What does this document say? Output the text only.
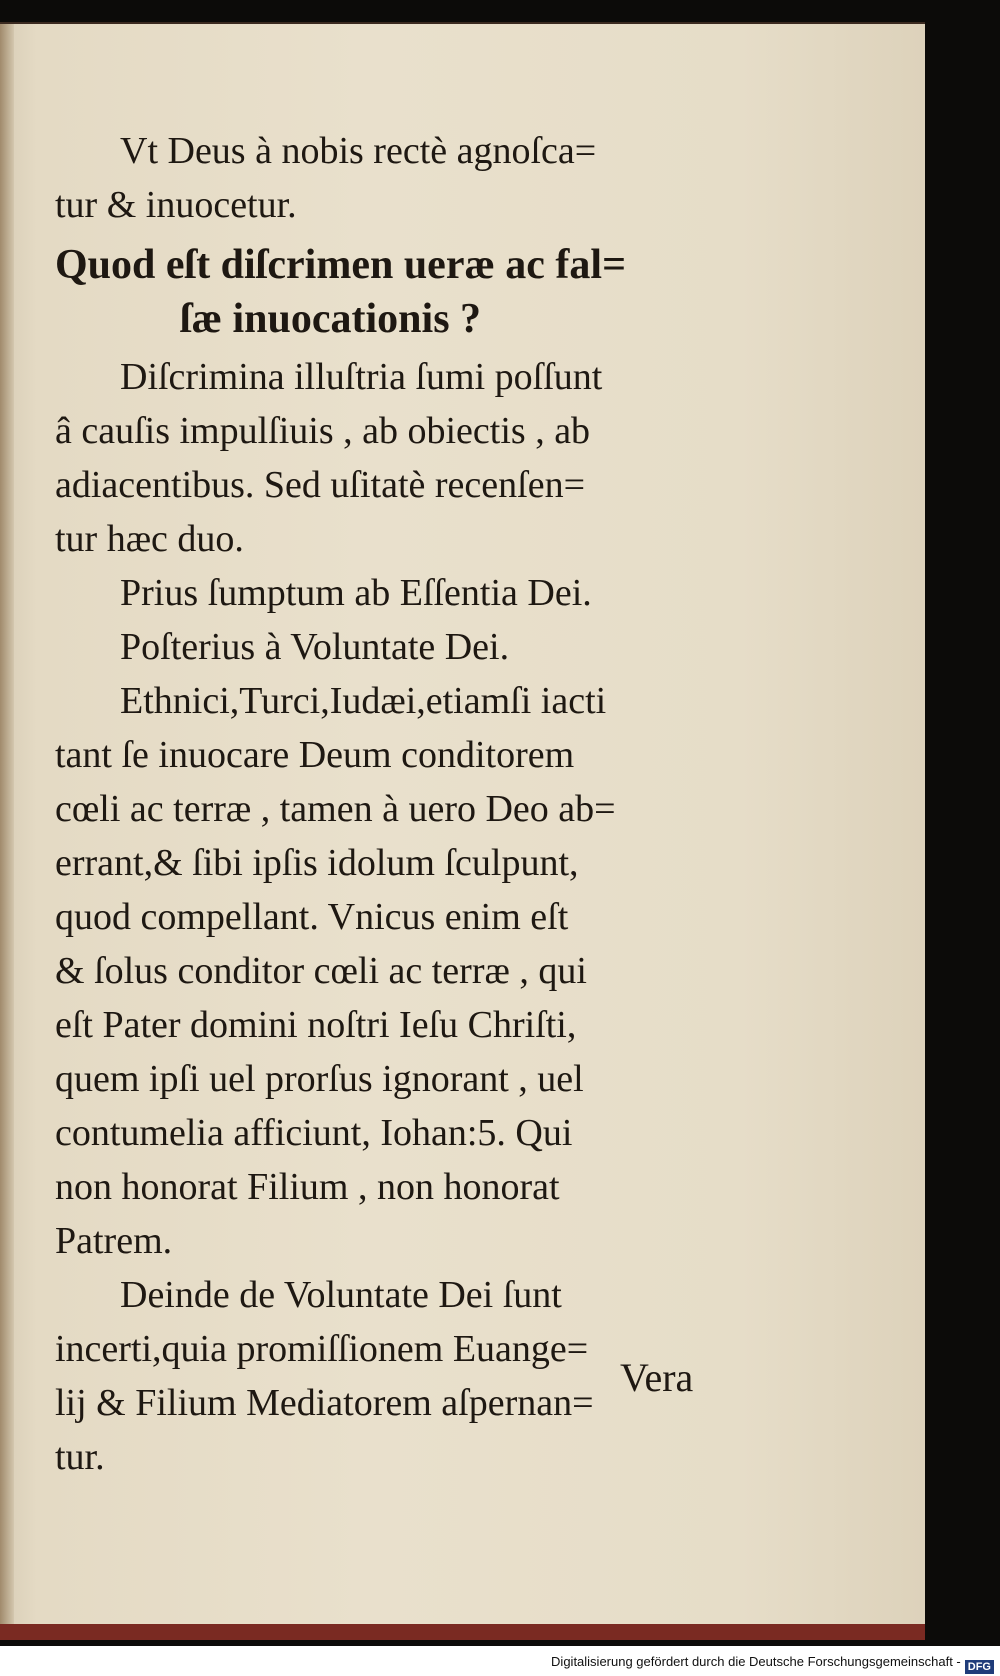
Vt Deus à nobis rectè agnoſca=
tur & inuocetur.
Quod eſt diſcrimen ueræ ac fal=
ſæ inuocationis ?
Diſcrimina illuſtria ſumi poſſunt
â cauſis impulſiuis , ab obiectis , ab
adiacentibus. Sed uſitatè recenſen=
tur hæc duo.
Prius ſumptum ab Eſſentia Dei.
Poſterius à Voluntate Dei.
Ethnici,Turci,Iudæi,etiamſi iacti
tant ſe inuocare Deum conditorem
cœli ac terræ , tamen à uero Deo ab=
errant,& ſibi ipſis idolum ſculpunt,
quod compellant. Vnicus enim eſt
& ſolus conditor cœli ac terræ , qui
eſt Pater domini noſtri Ieſu Chriſti,
quem ipſi uel prorſus ignorant , uel
contumelia afficiunt, Iohan:5. Qui
non honorat Filium , non honorat
Patrem.
Deinde de Voluntate Dei ſunt
incerti,quia promiſſionem Euange=
lij & Filium Mediatorem aſpernan=
tur.
Vera
Digitalisierung gefördert durch die Deutsche Forschungsgemeinschaft - DFG
